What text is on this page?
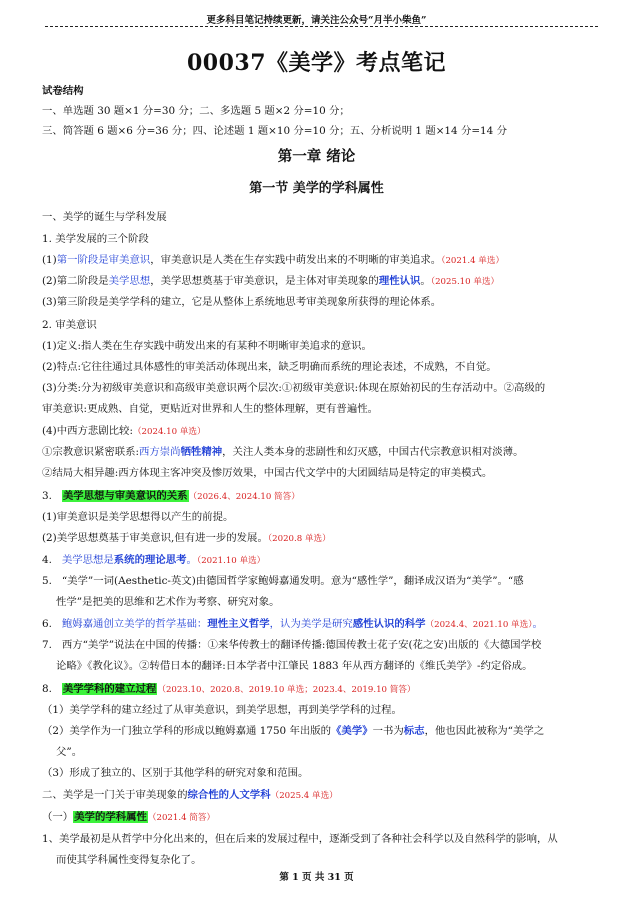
更多科目笔记持续更新，请关注公众号“月半小柴鱼”
00037《美学》考点笔记
试卷结构
一、单选题 30 题×1 分=30 分；二、多选题 5 题×2 分=10 分；
三、简答题 6 题×6 分=36 分；四、论述题 1 题×10 分=10 分；五、分析说明 1 题×14 分=14 分
第一章 绪论
第一节 美学的学科属性
一、美学的诞生与学科发展
1. 美学发展的三个阶段
(1)第一阶段是审美意识，审美意识是人类在生存实践中萌发出来的不明晰的审美追求。（2021.4 单选）
(2)第二阶段是美学思想，美学思想奠基于审美意识，是主体对审美现象的理性认识。（2025.10 单选）
(3)第三阶段是美学学科的建立，它是从整体上系统地思考审美现象所获得的理论体系。
2. 审美意识
(1)定义:指人类在生存实践中萌发出来的有某种不明晰审美追求的意识。
(2)特点:它往往通过具体感性的审美活动体现出来，缺乏明确而系统的理论表述，不成熟，不自觉。
(3)分类:分为初级审美意识和高级审美意识两个层次:①初级审美意识:体现在原始初民的生存活动中。②高级的
审美意识:更成熟、自觉，更贴近对世界和人生的整体理解，更有普遍性。
(4)中西方悲剧比较:（2024.10 单选）
①宗教意识紧密联系:西方崇尚牺牲精神，关注人类本身的悲剧性和幻灭感，中国古代宗教意识相对淡薄。
②结局大相异趣:西方体现主客冲突及惨厉效果，中国古代文学中的大团圆结局是特定的审美模式。
3. 美学思想与审美意识的关系（2026.4、2024.10 简答）
(1)审美意识是美学思想得以产生的前提。
(2)美学思想奠基于审美意识,但有进一步的发展。（2020.8 单选）
4. 美学思想是系统的理论思考。（2021.10 单选）
5. “美学”一词(Aesthetic-英文)由德国哲学家鲍姆嘉通发明。意为“感性学”，翻译成汉语为“美学”。“感
性学”是把美的思维和艺术作为考察、研究对象。
6. 鲍姆嘉通创立美学的哲学基础：理性主义哲学，认为美学是研究感性认识的科学（2024.4、2021.10 单选）。
7. 西方“美学”说法在中国的传播：①来华传教士的翻译传播:德国传教士花子安(花之安)出版的《大德国学校
论略》《教化议》。②转借日本的翻译:日本学者中江肇民 1883 年从西方翻译的《维氏美学》-约定俗成。
8. 美学学科的建立过程（2023.10、2020.8、2019.10 单选；2023.4、2019.10 简答）
（1）美学学科的建立经过了从审美意识，到美学思想，再到美学学科的过程。
（2）美学作为一门独立学科的形成以鲍姆嘉通 1750 年出版的《美学》一书为标志，他也因此被称为“美学之
父”。
（3）形成了独立的、区别于其他学科的研究对象和范围。
二、美学是一门关于审美现象的综合性的人文学科（2025.4 单选）
（一）美学的学科属性（2021.4 简答）
1、美学最初是从哲学中分化出来的，但在后来的发展过程中，逐渐受到了各种社会科学以及自然科学的影响，从
而使其学科属性变得复杂化了。
第 1 页 共 31 页
